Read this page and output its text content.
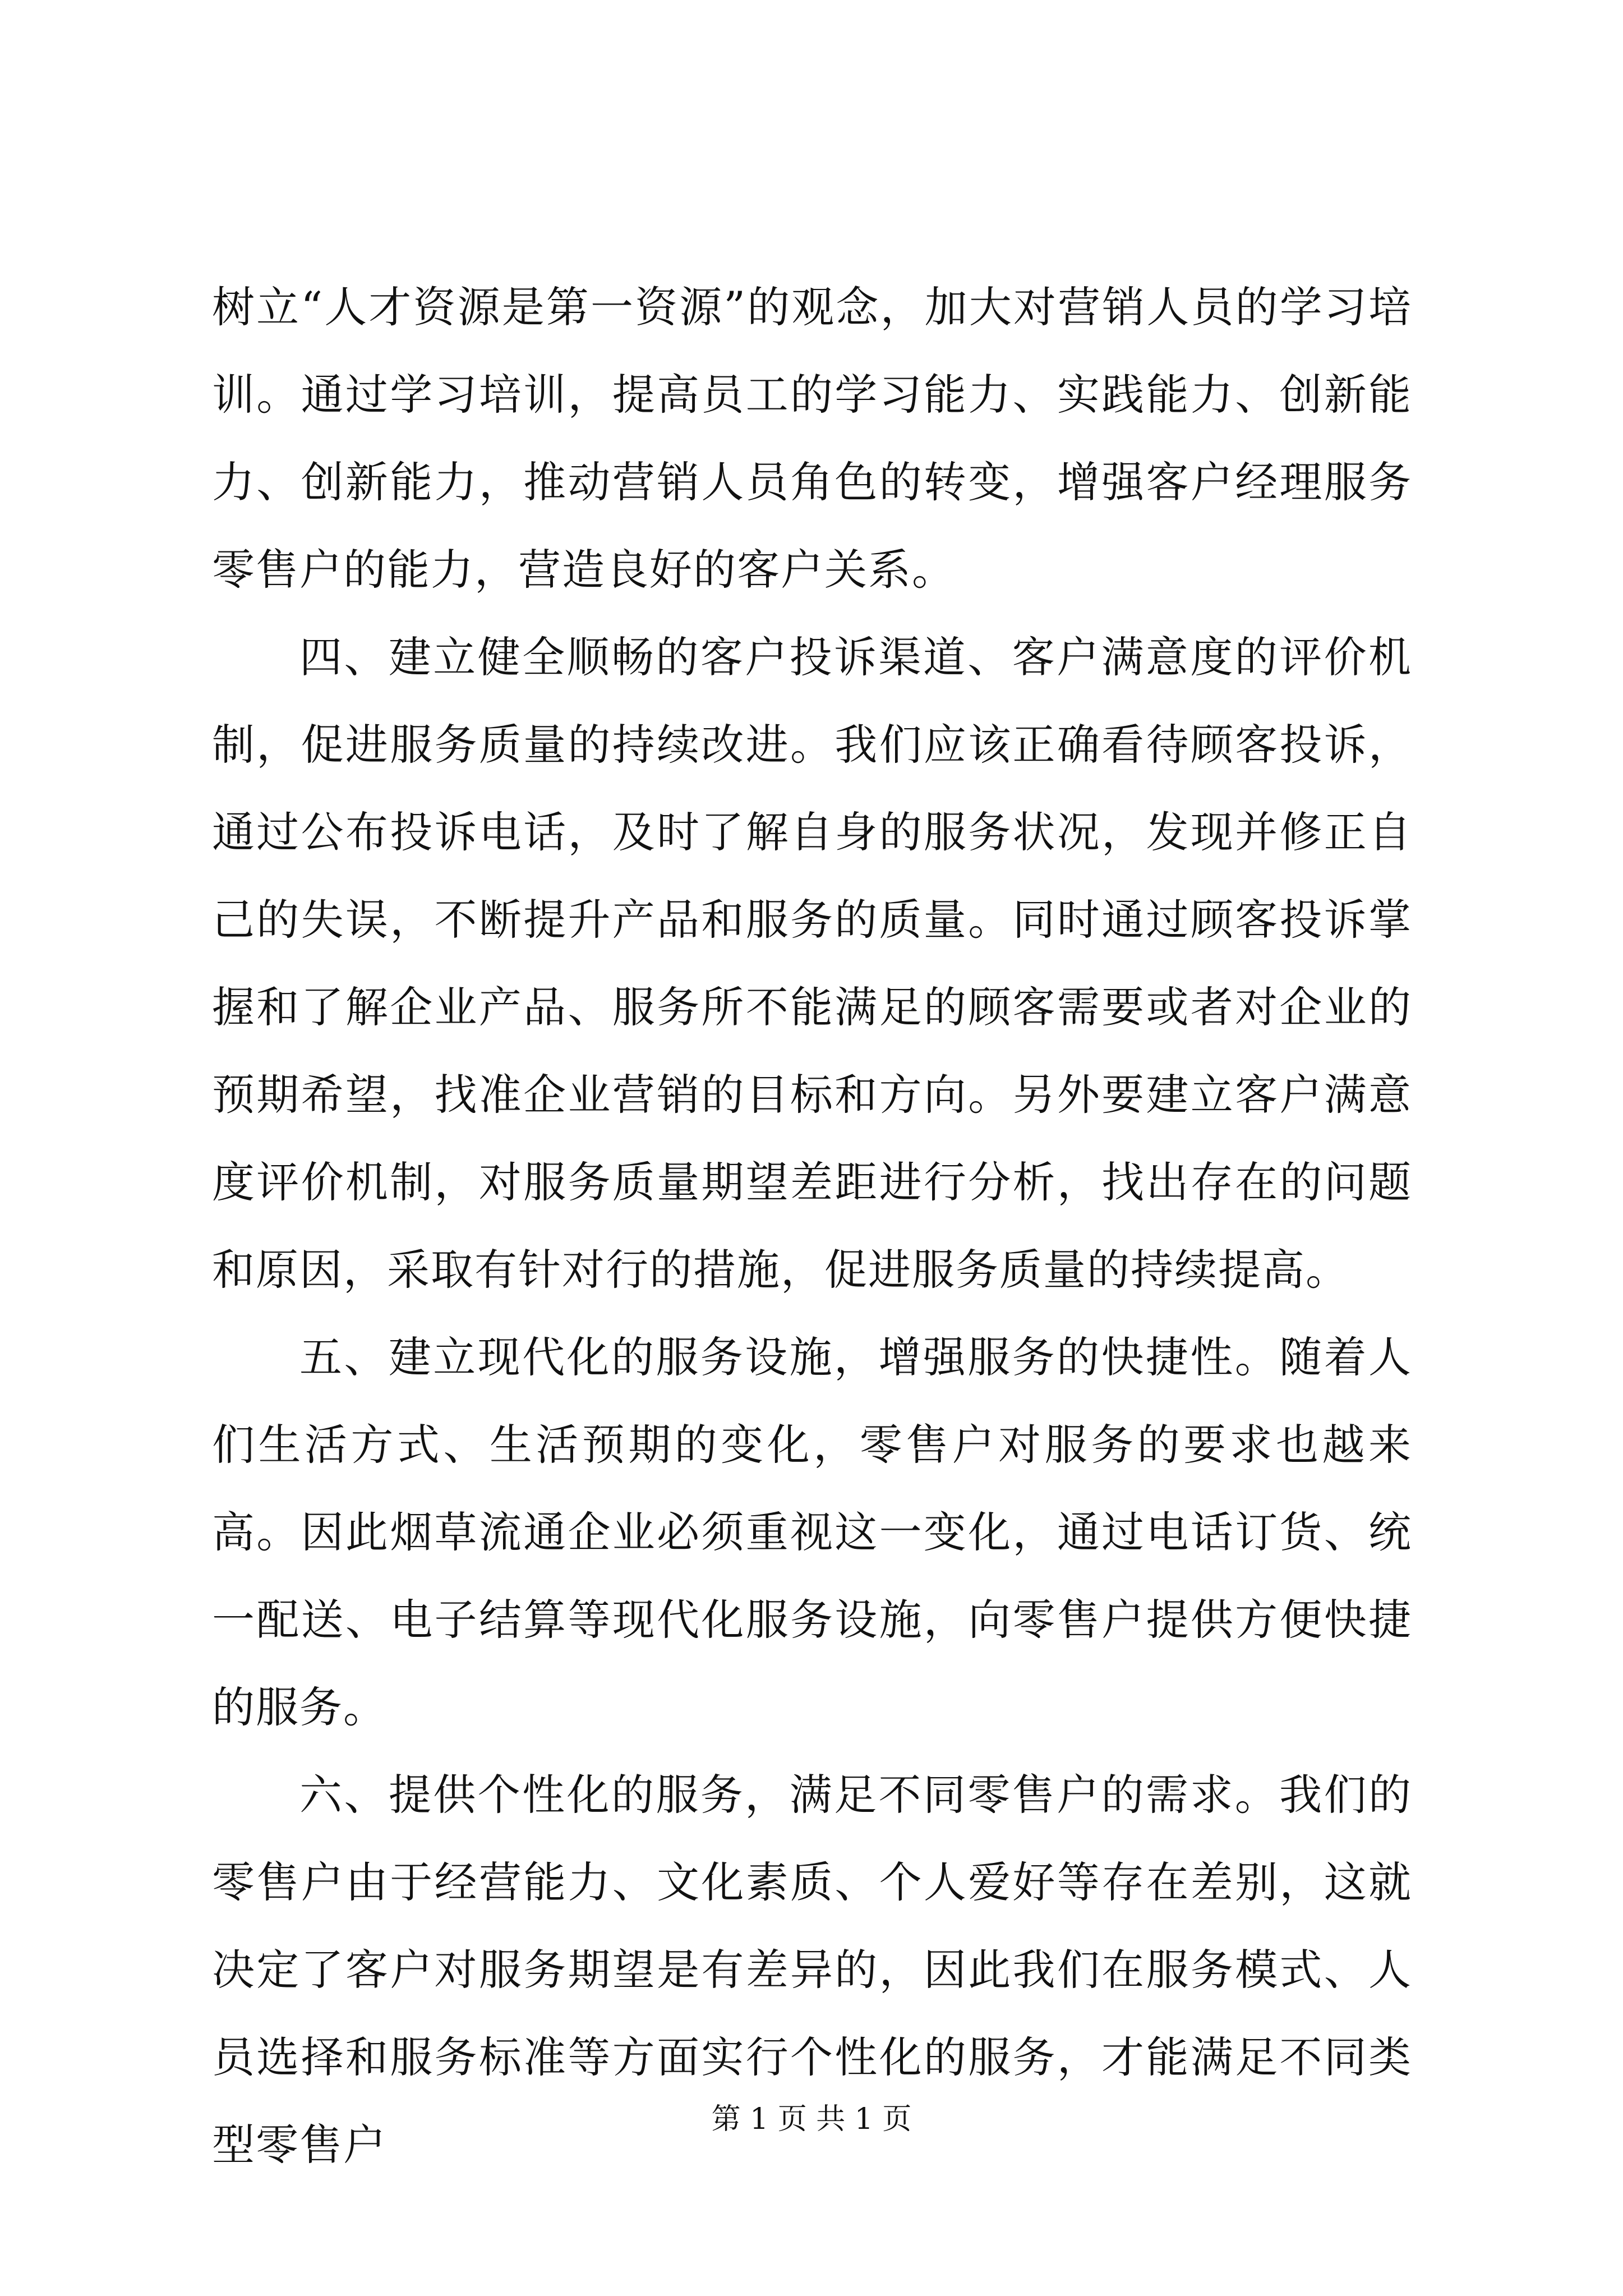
树立“人才资源是第一资源”的观念，加大对营销人员的学习培训。通过学习培训，提高员工的学习能力、实践能力、创新能力、创新能力，推动营销人员角色的转变，增强客户经理服务零售户的能力，营造良好的客户关系。

四、建立健全顺畅的客户投诉渠道、客户满意度的评价机制，促进服务质量的持续改进。我们应该正确看待顾客投诉，通过公布投诉电话，及时了解自身的服务状况，发现并修正自己的失误，不断提升产品和服务的质量。同时通过顾客投诉掌握和了解企业产品、服务所不能满足的顾客需要或者对企业的预期希望，找准企业营销的目标和方向。另外要建立客户满意度评价机制，对服务质量期望差距进行分析，找出存在的问题和原因，采取有针对行的措施，促进服务质量的持续提高。

五、建立现代化的服务设施，增强服务的快捷性。随着人们生活方式、生活预期的变化，零售户对服务的要求也越来高。因此烟草流通企业必须重视这一变化，通过电话订货、统一配送、电子结算等现代化服务设施，向零售户提供方便快捷的服务。

六、提供个性化的服务，满足不同零售户的需求。我们的零售户由于经营能力、文化素质、个人爱好等存在差别，这就决定了客户对服务期望是有差异的，因此我们在服务模式、人员选择和服务标准等方面实行个性化的服务，才能满足不同类型零售户

第 1 页 共 1 页
